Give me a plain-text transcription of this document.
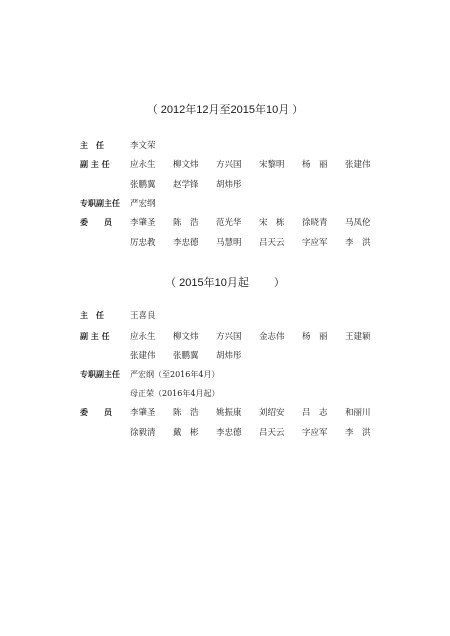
（ 2012年12月至2015年10月 ）
主　任	李文荣
副 主 任 应永生 柳文炜 方兴国 宋黎明 杨　丽 张建伟
张鹏翼 赵学锋 胡炜彤
专职副主任 严宏纲
委　　员 李肇圣 陈　浩 范光华 宋　栋 徐晓青 马凤伦
厉忠教 李忠德 马慧明 吕天云 字应军 李　洪
（ 2015年10月起　　 ）
主　任	王喜良
副 主 任 应永生 柳文炜 方兴国 金志伟 杨　丽 王建颖
张建伟 张鹏翼 胡炜彤
专职副主任 严宏纲（至2016年4月）
母正荣（2016年4月起）
委　　员 李肇圣 陈　浩 姚振康 刘绍安 吕　志 和丽川
徐毅清 戴　彬 李忠德 吕天云 字应军 李　洪
